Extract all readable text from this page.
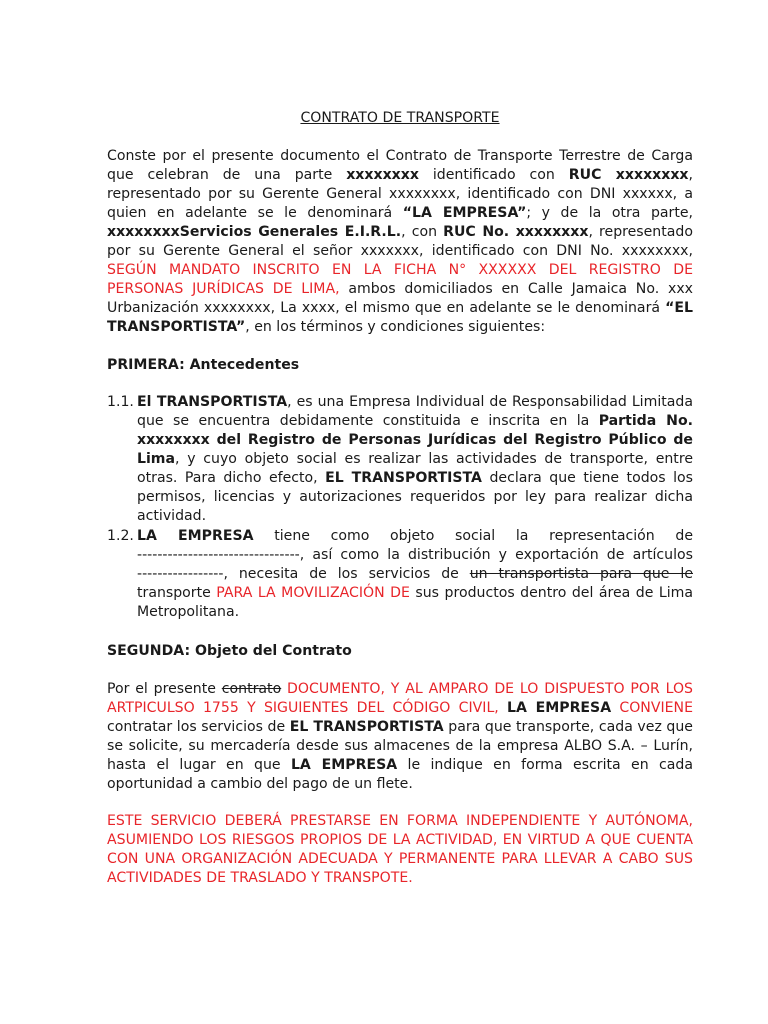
CONTRATO DE TRANSPORTE
Conste por el presente documento el Contrato de Transporte Terrestre de Carga que celebran de una parte xxxxxxxx identificado con RUC xxxxxxxx, representado por su Gerente General xxxxxxxx, identificado con DNI xxxxxx, a quien en adelante se le denominará “LA EMPRESA”; y de la otra parte, xxxxxxxxServicios Generales E.I.R.L., con RUC No. xxxxxxxx, representado por su Gerente General el señor xxxxxxx, identificado con DNI No. xxxxxxxx, SEGÚN MANDATO INSCRITO EN LA FICHA N° XXXXXX DEL REGISTRO DE PERSONAS JURÍDICAS DE LIMA, ambos domiciliados en Calle Jamaica No. xxx Urbanización xxxxxxxx, La xxxx, el mismo que en adelante se le denominará “EL TRANSPORTISTA”, en los términos y condiciones siguientes:
PRIMERA: Antecedentes
1.1. El TRANSPORTISTA, es una Empresa Individual de Responsabilidad Limitada que se encuentra debidamente constituida e inscrita en la Partida No. xxxxxxxx del Registro de Personas Jurídicas del Registro Público de Lima, y cuyo objeto social es realizar las actividades de transporte, entre otras. Para dicho efecto, EL TRANSPORTISTA declara que tiene todos los permisos, licencias y autorizaciones requeridos por ley para realizar dicha actividad.
1.2. LA EMPRESA tiene como objeto social la representación de
--------------------------------, así como la distribución y exportación de artículos
-----------------, necesita de los servicios de un transportista para que le
transporte PARA LA MOVILIZACIÓN DE sus productos dentro del área de Lima
Metropolitana.
SEGUNDA: Objeto del Contrato
Por el presente contrato DOCUMENTO, Y AL AMPARO DE LO DISPUESTO POR LOS ARTPICULSO 1755 Y SIGUIENTES DEL CÓDIGO CIVIL, LA EMPRESA CONVIENE contratar los servicios de EL TRANSPORTISTA para que transporte, cada vez que se solicite, su mercadería desde sus almacenes de la empresa ALBO S.A. – Lurín, hasta el lugar en que LA EMPRESA le indique en forma escrita en cada oportunidad a cambio del pago de un flete.
ESTE SERVICIO DEBERÁ PRESTARSE EN FORMA INDEPENDIENTE Y AUTÓNOMA, ASUMIENDO LOS RIESGOS PROPIOS DE LA ACTIVIDAD, EN VIRTUD A QUE CUENTA CON UNA ORGANIZACIÓN ADECUADA Y PERMANENTE PARA LLEVAR A CABO SUS ACTIVIDADES DE TRASLADO Y TRANSPOTE.
